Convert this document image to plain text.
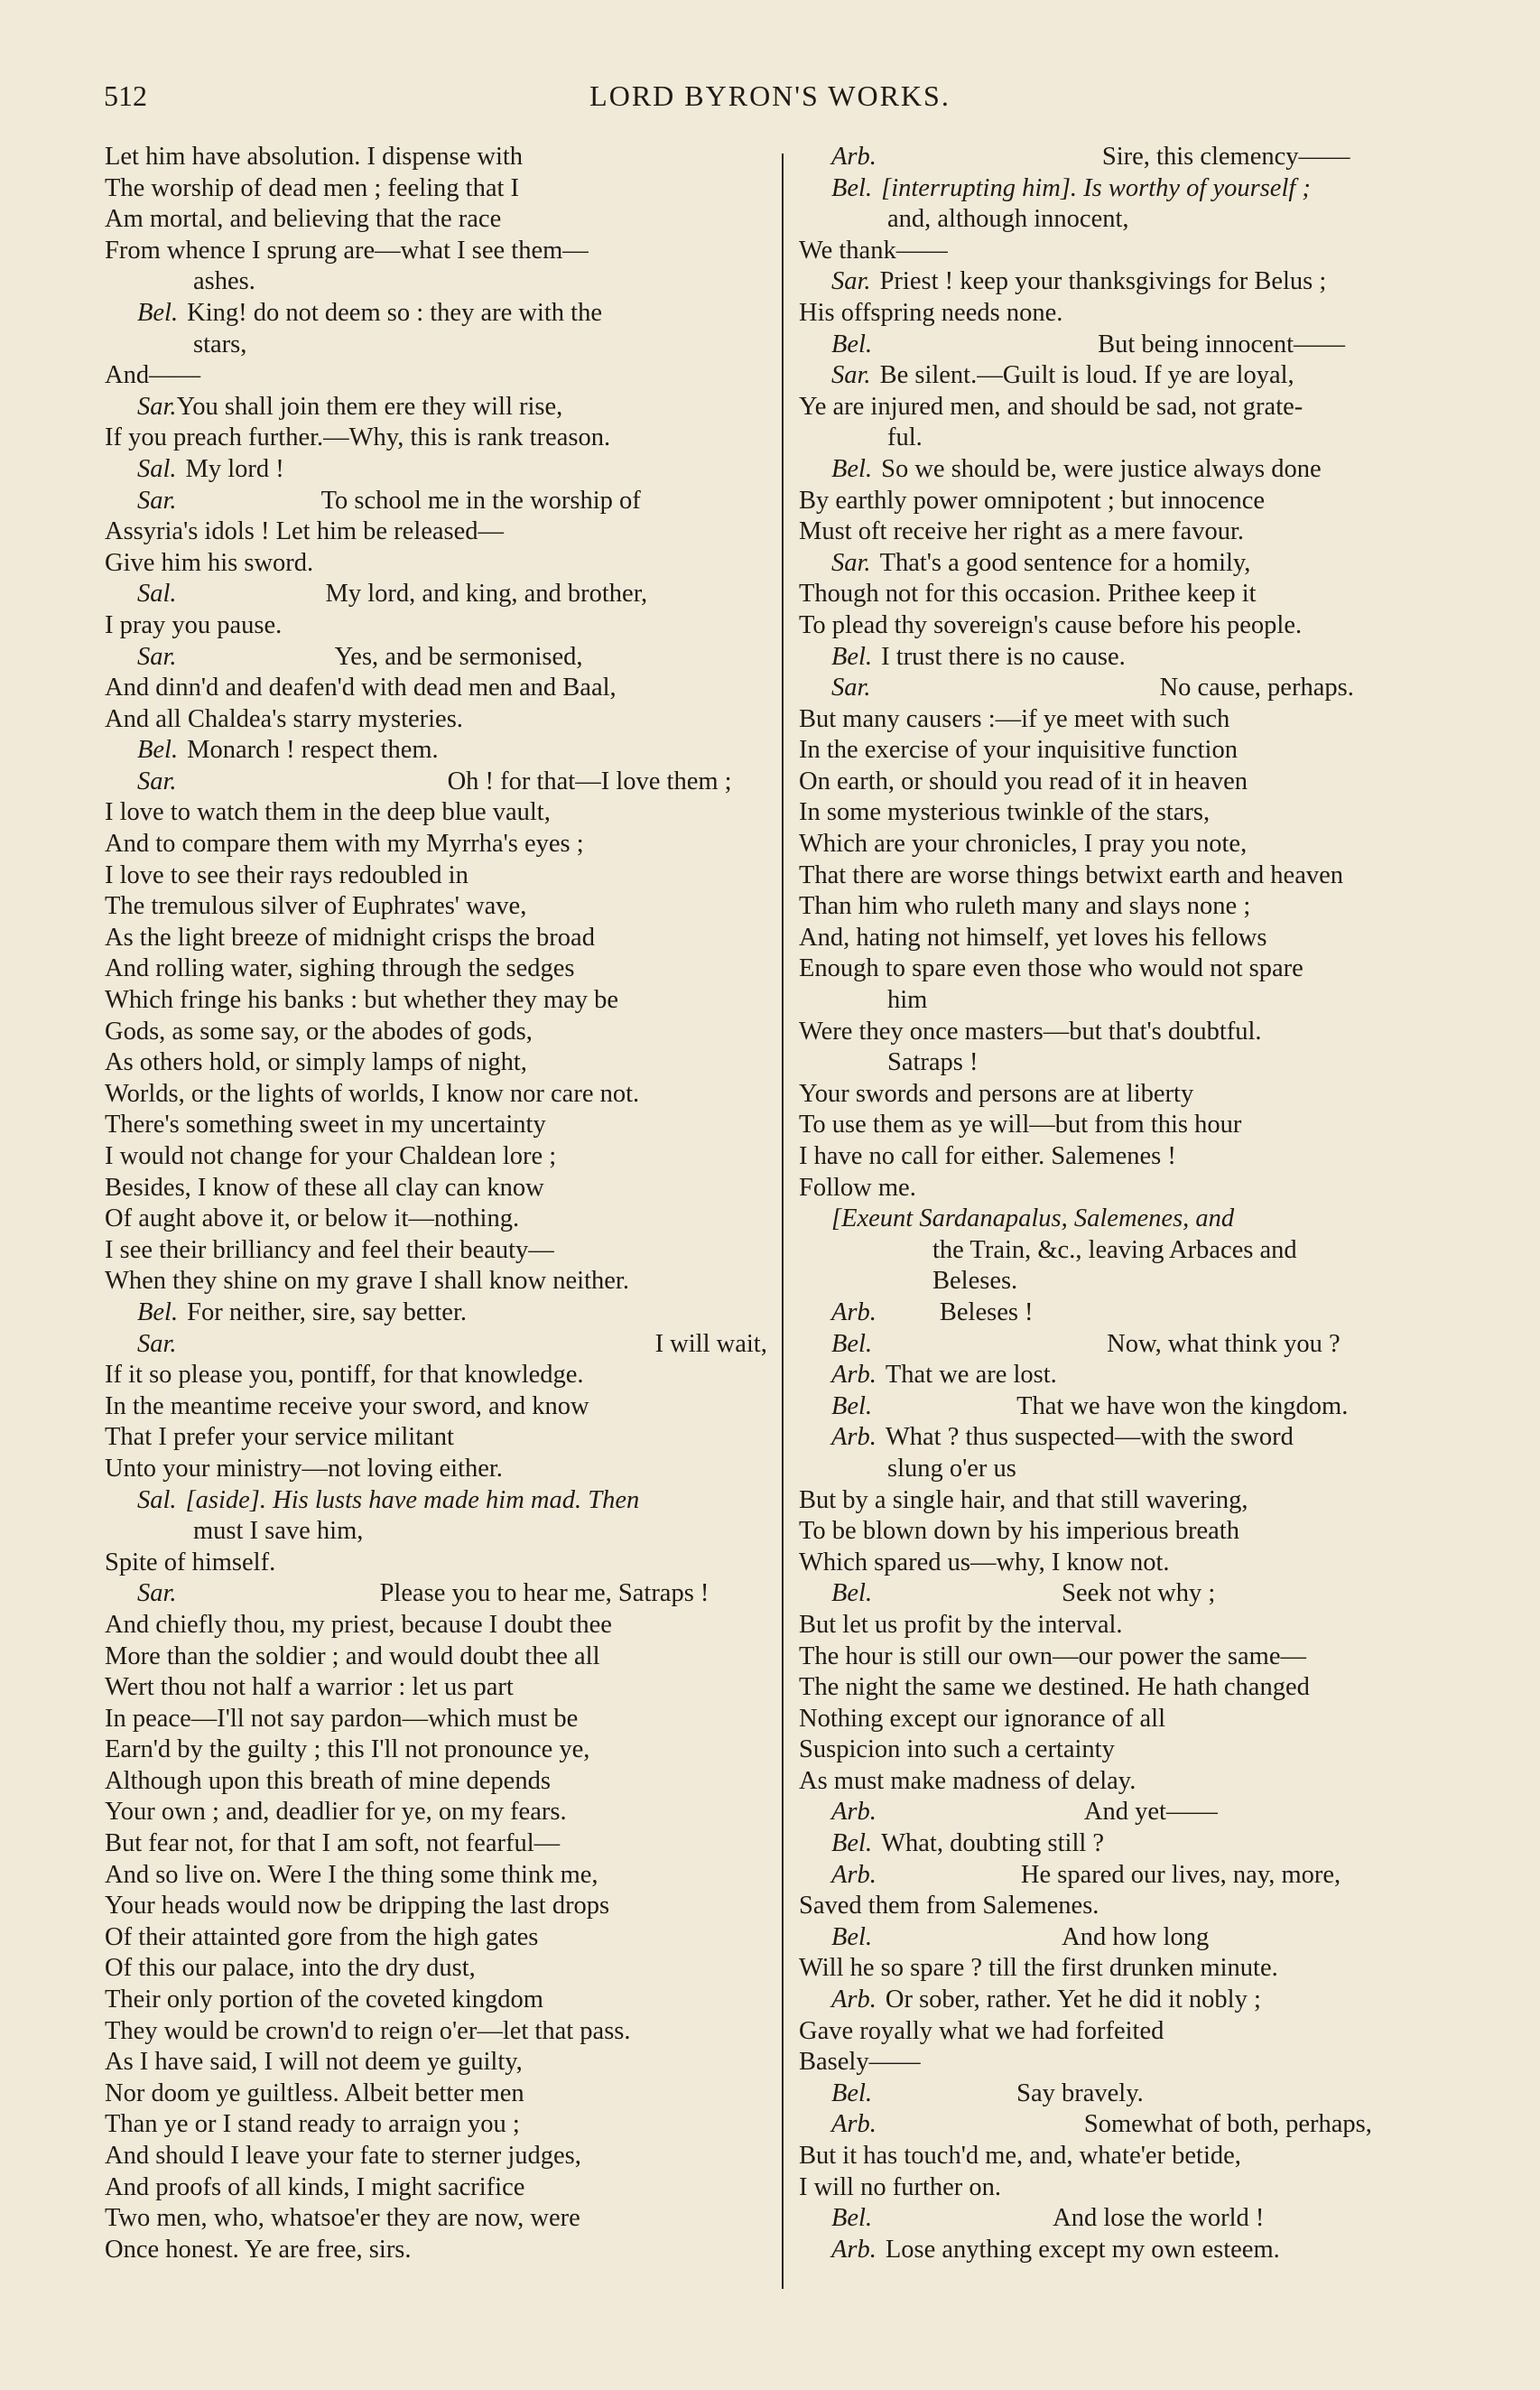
512	LORD BYRON'S WORKS.
Let him have absolution. I dispense with
The worship of dead men ; feeling that I
Am mortal, and believing that the race
From whence I sprung are—what I see them—
ashes.
Bel. King! do not deem so : they are with the
stars,
And——
Sar.You shall join them ere they will rise,
If you preach further.—Why, this is rank treason.
Sal. My lord !
Sar.	To school me in the worship of
Assyria's idols ! Let him be released—
Give him his sword.
Sal.	My lord, and king, and brother,
I pray you pause.
Sar.	Yes, and be sermonised,
And dinn'd and deafen'd with dead men and Baal,
And all Chaldea's starry mysteries.
Bel. Monarch ! respect them.
Sar.	Oh ! for that—I love them ;
I love to watch them in the deep blue vault,
And to compare them with my Myrrha's eyes ;
I love to see their rays redoubled in
The tremulous silver of Euphrates' wave,
As the light breeze of midnight crisps the broad
And rolling water, sighing through the sedges
Which fringe his banks : but whether they may be
Gods, as some say, or the abodes of gods,
As others hold, or simply lamps of night,
Worlds, or the lights of worlds, I know nor care not.
There's something sweet in my uncertainty
I would not change for your Chaldean lore ;
Besides, I know of these all clay can know
Of aught above it, or below it—nothing.
I see their brilliancy and feel their beauty—
When they shine on my grave I shall know neither.
Bel. For neither, sire, say better.
Sar.	I will wait,
If it so please you, pontiff, for that knowledge.
In the meantime receive your sword, and know
That I prefer your service militant
Unto your ministry—not loving either.
Sal. [aside]. His lusts have made him mad. Then
must I save him,
Spite of himself.
Sar.	Please you to hear me, Satraps !
And chiefly thou, my priest, because I doubt thee
More than the soldier ; and would doubt thee all
Wert thou not half a warrior : let us part
In peace—I'll not say pardon—which must be
Earn'd by the guilty ; this I'll not pronounce ye,
Although upon this breath of mine depends
Your own ; and, deadlier for ye, on my fears.
But fear not, for that I am soft, not fearful—
And so live on. Were I the thing some think me,
Your heads would now be dripping the last drops
Of their attainted gore from the high gates
Of this our palace, into the dry dust,
Their only portion of the coveted kingdom
They would be crown'd to reign o'er—let that pass.
As I have said, I will not deem ye guilty,
Nor doom ye guiltless. Albeit better men
Than ye or I stand ready to arraign you ;
And should I leave your fate to sterner judges,
And proofs of all kinds, I might sacrifice
Two men, who, whatsoe'er they are now, were
Once honest. Ye are free, sirs.
Arb.	Sire, this clemency——
Bel. [interrupting him]. Is worthy of yourself ;
and, although innocent,
We thank——
Sar. Priest ! keep your thanksgivings for Belus ;
His offspring needs none.
Bel.	But being innocent——
Sar. Be silent.—Guilt is loud. If ye are loyal,
Ye are injured men, and should be sad, not grate-
ful.
Bel. So we should be, were justice always done
By earthly power omnipotent ; but innocence
Must oft receive her right as a mere favour.
Sar. That's a good sentence for a homily,
Though not for this occasion. Prithee keep it
To plead thy sovereign's cause before his people.
Bel. I trust there is no cause.
Sar.	No cause, perhaps.
But many causers :—if ye meet with such
In the exercise of your inquisitive function
On earth, or should you read of it in heaven
In some mysterious twinkle of the stars,
Which are your chronicles, I pray you note,
That there are worse things betwixt earth and heaven
Than him who ruleth many and slays none ;
And, hating not himself, yet loves his fellows
Enough to spare even those who would not spare
him
Were they once masters—but that's doubtful.
Satraps !
Your swords and persons are at liberty
To use them as ye will—but from this hour
I have no call for either. Salemenes !
Follow me.
[Exeunt Sardanapalus, Salemenes, and
the Train, &c., leaving Arbaces and
Beleses.
Arb. Beleses !
Bel.	Now, what think you ?
Arb. That we are lost.
Bel.	That we have won the kingdom.
Arb. What ? thus suspected—with the sword
slung o'er us
But by a single hair, and that still wavering,
To be blown down by his imperious breath
Which spared us—why, I know not.
Bel.	Seek not why ;
But let us profit by the interval.
The hour is still our own—our power the same—
The night the same we destined. He hath changed
Nothing except our ignorance of all
Suspicion into such a certainty
As must make madness of delay.
Arb.	And yet——
Bel. What, doubting still ?
Arb.	He spared our lives, nay, more,
Saved them from Salemenes.
Bel.	And how long
Will he so spare ? till the first drunken minute.
Arb. Or sober, rather. Yet he did it nobly ;
Gave royally what we had forfeited
Basely——
Bel.	Say bravely.
Arb.	Somewhat of both, perhaps,
But it has touch'd me, and, whate'er betide,
I will no further on.
Bel.	And lose the world !
Arb. Lose anything except my own esteem.
